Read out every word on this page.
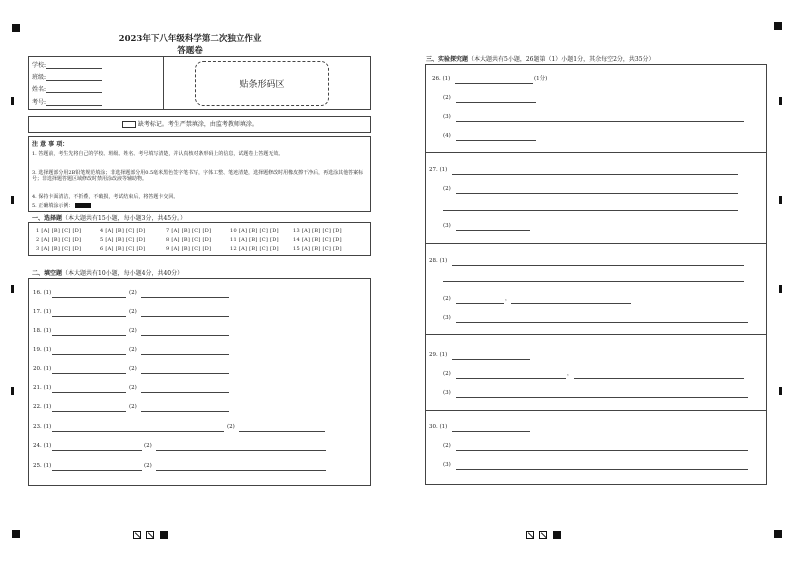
2023年下八年级科学第二次独立作业
答题卷
学校:
班级:
姓名:
考号:
贴条形码区
缺考标记。考生严禁填涂，由监考教师填涂。
注 意 事 项：
1. 答题前，考生先将自己的学校、班级、姓名、考号填写清楚，并认真核对条形码上的信息，试题卷上答题无效。
3. 选择题部分用2B铅笔规范填涂；非选择题部分用0.5毫米黑色签字笔书写，字体工整、笔迹清楚，选择题修改时用橡皮擦干净后，再选涂其他答案标号；非选择题答题区域修改时禁用涂改液等辅助物。
4. 保持卡面清洁，不折叠，不破损，考试结束后，将答题卡交回。
5. 正确填涂示例：
一、选择题（本大题共有15小题，每小题3分，共45分。）
1 [A] [B] [C] [D]	4 [A] [B] [C] [D]	7 [A] [B] [C] [D]	10 [A] [B] [C] [D]	13 [A] [B] [C] [D]
2 [A] [B] [C] [D]	5 [A] [B] [C] [D]	8 [A] [B] [C] [D]	11 [A] [B] [C] [D]	14 [A] [B] [C] [D]
3 [A] [B] [C] [D]	6 [A] [B] [C] [D]	9 [A] [B] [C] [D]	12 [A] [B] [C] [D]	15 [A] [B] [C] [D]
二、填空题（本大题共有10小题，每小题4分，共40分）
16. (1)	(2)
17. (1)	(2)
18. (1)	(2)
19. (1)	(2)
20. (1)	(2)
21. (1)	(2)
22. (1)	(2)
23. (1)	(2)
24. (1)	(2)
25. (1)	(2)
三、实验探究题（本大题共有5小题，26题第（1）小题1分，其余每空2分，共35分）
26. (1)	(1分)
(2)
(3)
(4)
27. (1)
(2)
(3)
28. (1)
(2)	，
(3)
29. (1)
(2)	，
(3)
30. (1)
(2)
(3)
